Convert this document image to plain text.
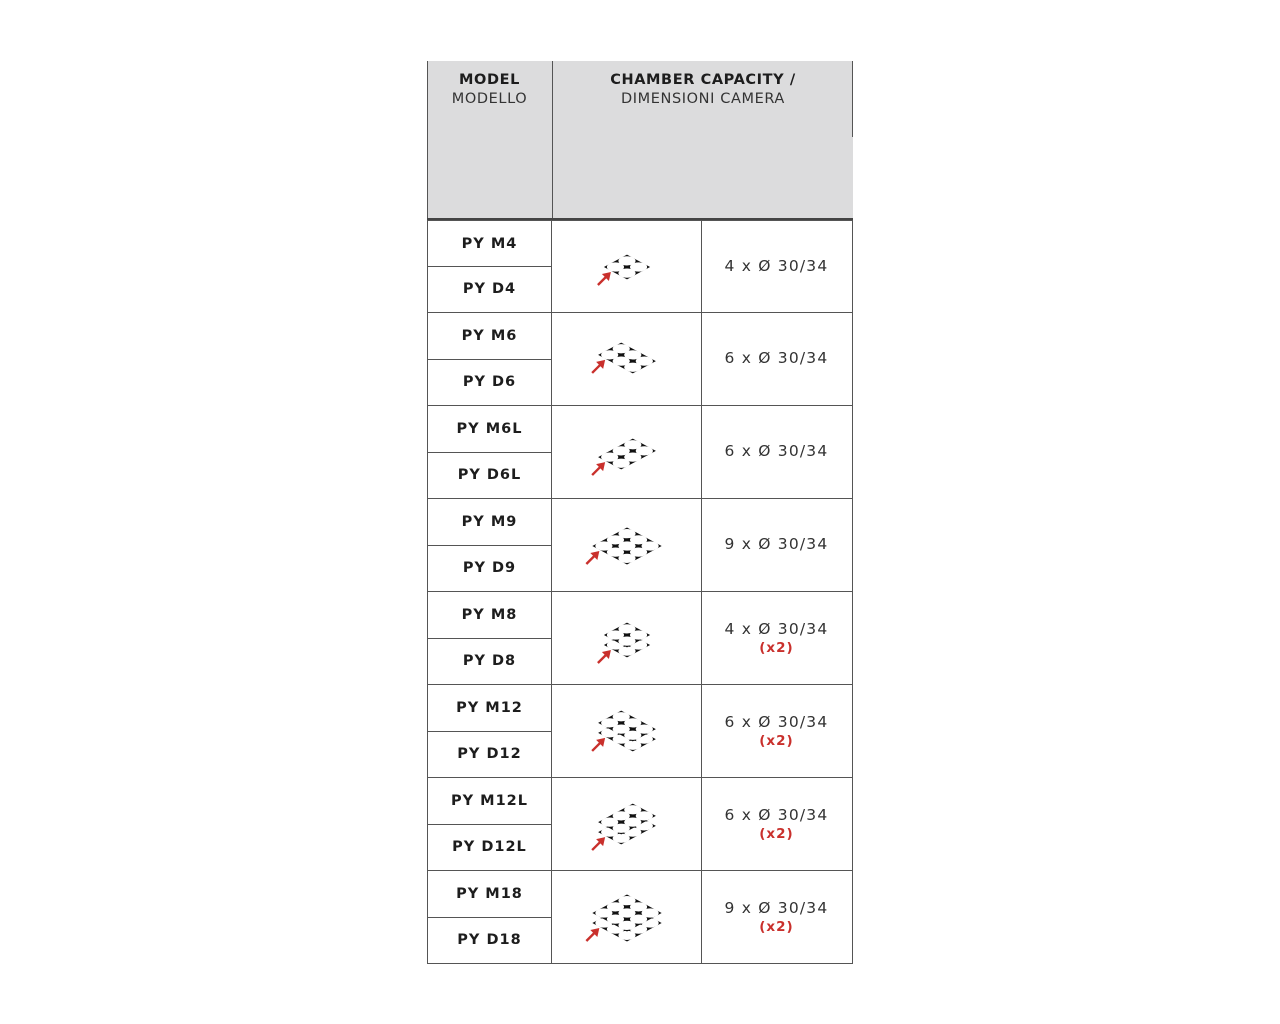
MODEL
MODELLO
CHAMBER CAPACITY /
DIMENSIONI CAMERA
PY M4
PY D4
4 x Ø 30/34
PY M6
PY D6
6 x Ø 30/34
PY M6L
PY D6L
6 x Ø 30/34
PY M9
PY D9
9 x Ø 30/34
PY M8
PY D8
4 x Ø 30/34
(x2)
PY M12
PY D12
6 x Ø 30/34
(x2)
PY M12L
PY D12L
6 x Ø 30/34
(x2)
PY M18
PY D18
9 x Ø 30/34
(x2)
